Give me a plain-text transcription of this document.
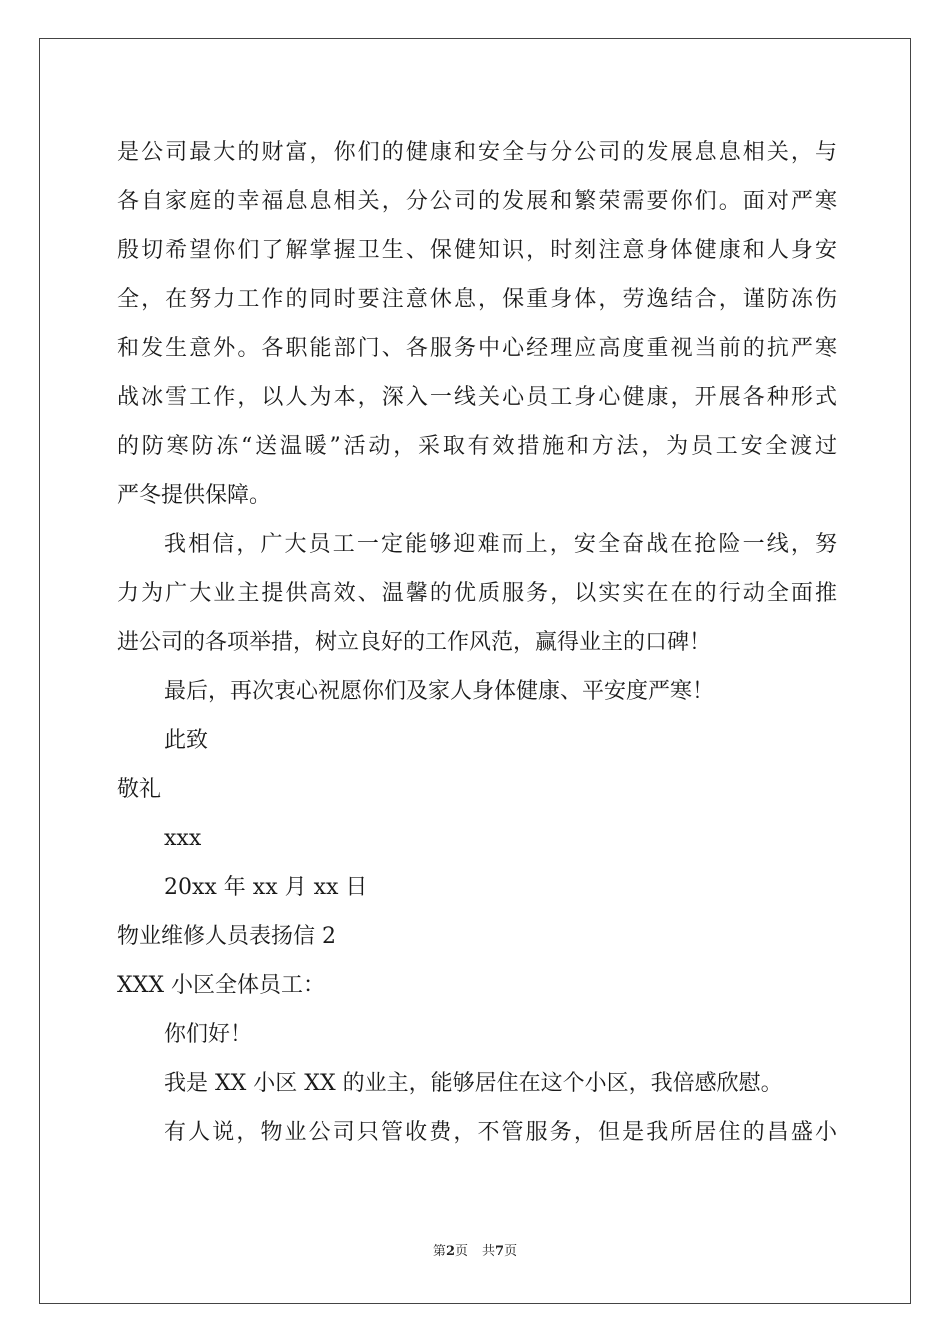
是公司最大的财富，你们的健康和安全与分公司的发展息息相关，与
各自家庭的幸福息息相关，分公司的发展和繁荣需要你们。面对严寒
殷切希望你们了解掌握卫生、保健知识，时刻注意身体健康和人身安
全，在努力工作的同时要注意休息，保重身体，劳逸结合，谨防冻伤
和发生意外。各职能部门、各服务中心经理应高度重视当前的抗严寒
战冰雪工作，以人为本，深入一线关心员工身心健康，开展各种形式
的防寒防冻“送温暖”活动，采取有效措施和方法，为员工安全渡过
严冬提供保障。
我相信，广大员工一定能够迎难而上，安全奋战在抢险一线，努
力为广大业主提供高效、温馨的优质服务，以实实在在的行动全面推
进公司的各项举措，树立良好的工作风范，赢得业主的口碑！
最后，再次衷心祝愿你们及家人身体健康、平安度严寒！
此致
敬礼
xxx
20xx 年 xx 月 xx 日
物业维修人员表扬信 2
XXX 小区全体员工：
你们好！
我是 XX 小区 XX 的业主，能够居住在这个小区，我倍感欣慰。
有人说，物业公司只管收费，不管服务，但是我所居住的昌盛小
第2页 共7页
